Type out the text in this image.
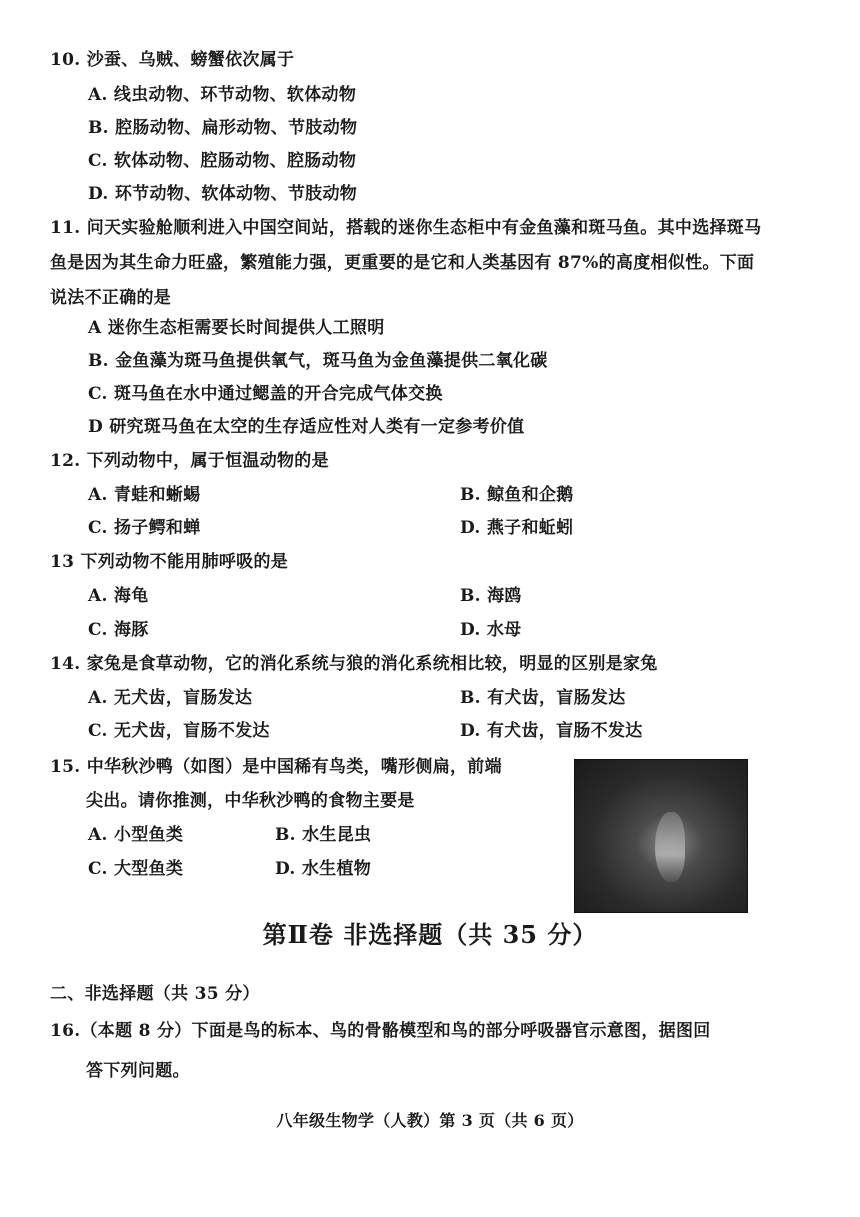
10. 沙蚕、乌贼、螃蟹依次属于
A. 线虫动物、环节动物、软体动物
B. 腔肠动物、扁形动物、节肢动物
C. 软体动物、腔肠动物、腔肠动物
D. 环节动物、软体动物、节肢动物
11. 问天实验舱顺利进入中国空间站，搭载的迷你生态柜中有金鱼藻和斑马鱼。其中选择斑马鱼是因为其生命力旺盛，繁殖能力强，更重要的是它和人类基因有 87%的高度相似性。下面说法不正确的是
A 迷你生态柜需要长时间提供人工照明
B. 金鱼藻为斑马鱼提供氧气，斑马鱼为金鱼藻提供二氧化碳
C. 斑马鱼在水中通过鳃盖的开合完成气体交换
D 研究斑马鱼在太空的生存适应性对人类有一定参考价值
12. 下列动物中，属于恒温动物的是
A. 青蛙和蜥蜴	B. 鲸鱼和企鹅
C. 扬子鳄和蝉	D. 燕子和蚯蚓
13 下列动物不能用肺呼吸的是
A. 海龟	B. 海鸥
C. 海豚	D. 水母
14. 家兔是食草动物，它的消化系统与狼的消化系统相比较，明显的区别是家兔
A. 无犬齿，盲肠发达	B. 有犬齿，盲肠发达
C. 无犬齿，盲肠不发达	D. 有犬齿，盲肠不发达
15. 中华秋沙鸭（如图）是中国稀有鸟类，嘴形侧扁，前端
尖出。请你推测，中华秋沙鸭的食物主要是
A. 小型鱼类	B. 水生昆虫
C. 大型鱼类	D. 水生植物
第Ⅱ卷 非选择题（共 35 分）
二、非选择题（共 35 分）
16.（本题 8 分）下面是鸟的标本、鸟的骨骼模型和鸟的部分呼吸器官示意图，据图回
答下列问题。
八年级生物学（人教）第 3 页（共 6 页）
